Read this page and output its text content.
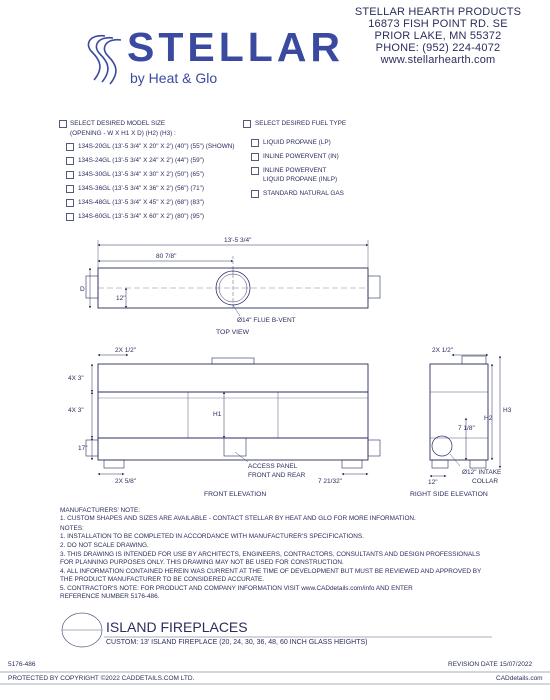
STELLAR
by Heat & Glo
STELLAR HEARTH PRODUCTS
16873 FISH POINT RD. SE
PRIOR LAKE, MN 55372
PHONE: (952) 224-4072
www.stellarhearth.com
SELECT DESIRED MODEL SIZE
(OPENING - W X H1 X D) (H2) (H3) :
134S-20GL (13'-5 3/4" X 20" X 2') (40") (55") (SHOWN)
134S-24GL (13'-5 3/4" X 24" X 2') (44") (59")
134S-30GL (13'-5 3/4" X 30" X 2') (50") (65")
134S-36GL (13'-5 3/4" X 36" X 2') (56") (71")
134S-48GL (13'-5 3/4" X 45" X 2') (68") (83")
134S-60GL (13'-5 3/4" X 60" X 2') (80") (95")
SELECT DESIRED FUEL TYPE
LIQUID PROPANE (LP)
INLINE POWERVENT (IN)
INLINE POWERVENT
LIQUID PROPANE (INLP)
STANDARD NATURAL GAS
13'-5 3/4"
80 7/8"
D
12"
Ø14" FLUE B-VENT
TOP VIEW
2X 1/2"
4X 3"
4X 3"
H1
17"
2X 5/8"
ACCESS PANEL
FRONT AND REAR
7 21/32"
FRONT ELEVATION
2X 1/2"
H2
H3
7 1/8"
Ø12" INTAKE
COLLAR
12"
RIGHT SIDE ELEVATION
MANUFACTURERS' NOTE:
1. CUSTOM SHAPES AND SIZES ARE AVAILABLE - CONTACT STELLAR BY HEAT AND GLO FOR MORE INFORMATION.
NOTES:
1. INSTALLATION TO BE COMPLETED IN ACCORDANCE WITH MANUFACTURER'S SPECIFICATIONS.
2. DO NOT SCALE DRAWING.
3. THIS DRAWING IS INTENDED FOR USE BY ARCHITECTS, ENGINEERS, CONTRACTORS, CONSULTANTS AND DESIGN PROFESSIONALS
FOR PLANNING PURPOSES ONLY. THIS DRAWING MAY NOT BE USED FOR CONSTRUCTION.
4. ALL INFORMATION CONTAINED HEREIN WAS CURRENT AT THE TIME OF DEVELOPMENT BUT MUST BE REVIEWED AND APPROVED BY
THE PRODUCT MANUFACTURER TO BE CONSIDERED ACCURATE.
5. CONTRACTOR'S NOTE: FOR PRODUCT AND COMPANY INFORMATION VISIT www.CADdetails.com/info AND ENTER
REFERENCE NUMBER 5176-486.
ISLAND FIREPLACES
CUSTOM: 13' ISLAND FIREPLACE (20, 24, 30, 36, 48, 60 INCH GLASS HEIGHTS)
5176-486	REVISION DATE 15/07/2022
PROTECTED BY COPYRIGHT ©2022 CADDETAILS.COM LTD.	CADdetails.com
